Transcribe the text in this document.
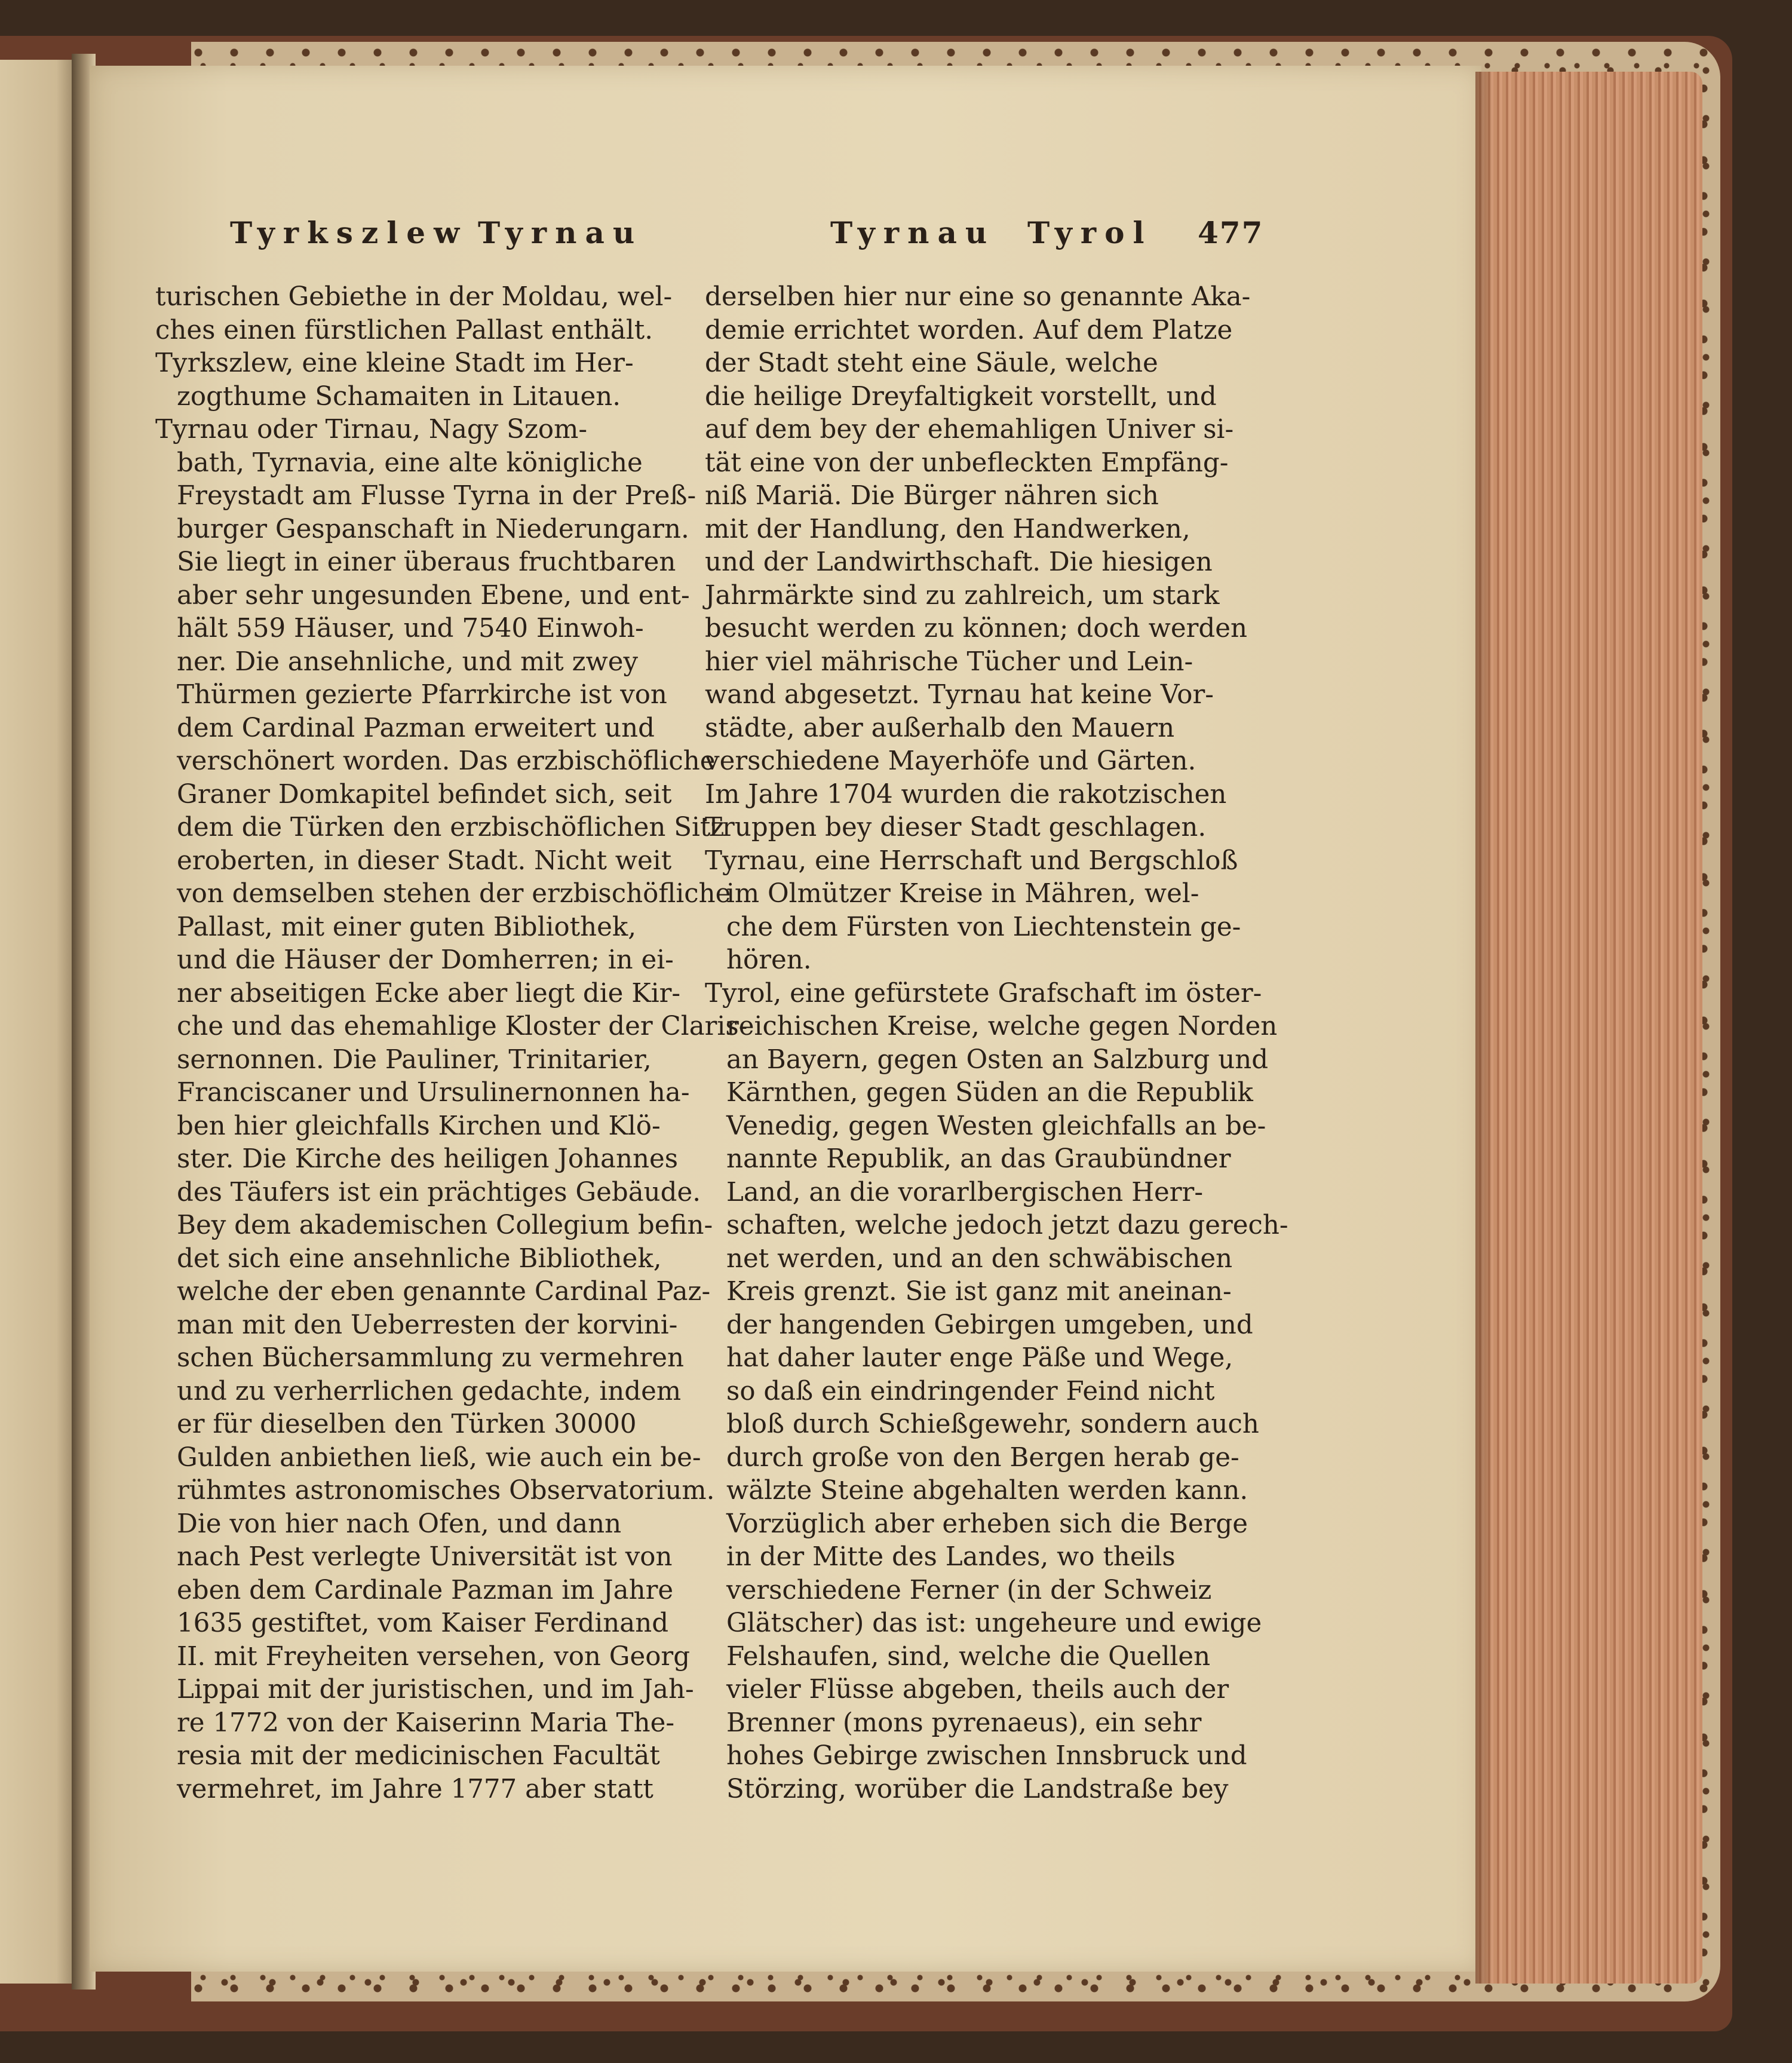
Tyrkszlew Tyrnau	Tyrnau Tyrol 477
turischen Gebiethe in der Moldau, wel-
ches einen fürstlichen Pallast enthält.
Tyrkszlew, eine kleine Stadt im Her-
zogthume Schamaiten in Litauen.
Tyrnau oder Tirnau, Nagy Szom-
bath, Tyrnavia, eine alte königliche
Freystadt am Flusse Tyrna in der Preß-
burger Gespanschaft in Niederungarn.
Sie liegt in einer überaus fruchtbaren
aber sehr ungesunden Ebene, und ent-
hält 559 Häuser, und 7540 Einwoh-
ner. Die ansehnliche, und mit zwey
Thürmen gezierte Pfarrkirche ist von
dem Cardinal Pazman erweitert und
verschönert worden. Das erzbischöfliche
Graner Domkapitel befindet sich, seit
dem die Türken den erzbischöflichen Sitz
eroberten, in dieser Stadt. Nicht weit
von demselben stehen der erzbischöfliche
Pallast, mit einer guten Bibliothek,
und die Häuser der Domherren; in ei-
ner abseitigen Ecke aber liegt die Kir-
che und das ehemahlige Kloster der Claris-
sernonnen. Die Pauliner, Trinitarier,
Franciscaner und Ursulinernonnen ha-
ben hier gleichfalls Kirchen und Klö-
ster. Die Kirche des heiligen Johannes
des Täufers ist ein prächtiges Gebäude.
Bey dem akademischen Collegium befin-
det sich eine ansehnliche Bibliothek,
welche der eben genannte Cardinal Paz-
man mit den Ueberresten der korvini-
schen Büchersammlung zu vermehren
und zu verherrlichen gedachte, indem
er für dieselben den Türken 30000
Gulden anbiethen ließ, wie auch ein be-
rühmtes astronomisches Observatorium.
Die von hier nach Ofen, und dann
nach Pest verlegte Universität ist von
eben dem Cardinale Pazman im Jahre
1635 gestiftet, vom Kaiser Ferdinand
II. mit Freyheiten versehen, von Georg
Lippai mit der juristischen, und im Jah-
re 1772 von der Kaiserinn Maria The-
resia mit der medicinischen Facultät
vermehret, im Jahre 1777 aber statt
derselben hier nur eine so genannte Aka-
demie errichtet worden. Auf dem Platze
der Stadt steht eine Säule, welche
die heilige Dreyfaltigkeit vorstellt, und
auf dem bey der ehemahligen Univer si-
tät eine von der unbefleckten Empfäng-
niß Mariä. Die Bürger nähren sich
mit der Handlung, den Handwerken,
und der Landwirthschaft. Die hiesigen
Jahrmärkte sind zu zahlreich, um stark
besucht werden zu können; doch werden
hier viel mährische Tücher und Lein-
wand abgesetzt. Tyrnau hat keine Vor-
städte, aber außerhalb den Mauern
verschiedene Mayerhöfe und Gärten.
Im Jahre 1704 wurden die rakotzischen
Truppen bey dieser Stadt geschlagen.
Tyrnau, eine Herrschaft und Bergschloß
im Olmützer Kreise in Mähren, wel-
che dem Fürsten von Liechtenstein ge-
hören.
Tyrol, eine gefürstete Grafschaft im öster-
reichischen Kreise, welche gegen Norden
an Bayern, gegen Osten an Salzburg und
Kärnthen, gegen Süden an die Republik
Venedig, gegen Westen gleichfalls an be-
nannte Republik, an das Graubündner
Land, an die vorarlbergischen Herr-
schaften, welche jedoch jetzt dazu gerech-
net werden, und an den schwäbischen
Kreis grenzt. Sie ist ganz mit aneinan-
der hangenden Gebirgen umgeben, und
hat daher lauter enge Päße und Wege,
so daß ein eindringender Feind nicht
bloß durch Schießgewehr, sondern auch
durch große von den Bergen herab ge-
wälzte Steine abgehalten werden kann.
Vorzüglich aber erheben sich die Berge
in der Mitte des Landes, wo theils
verschiedene Ferner (in der Schweiz
Glätscher) das ist: ungeheure und ewige
Felshaufen, sind, welche die Quellen
vieler Flüsse abgeben, theils auch der
Brenner (mons pyrenaeus), ein sehr
hohes Gebirge zwischen Innsbruck und
Störzing, worüber die Landstraße bey
